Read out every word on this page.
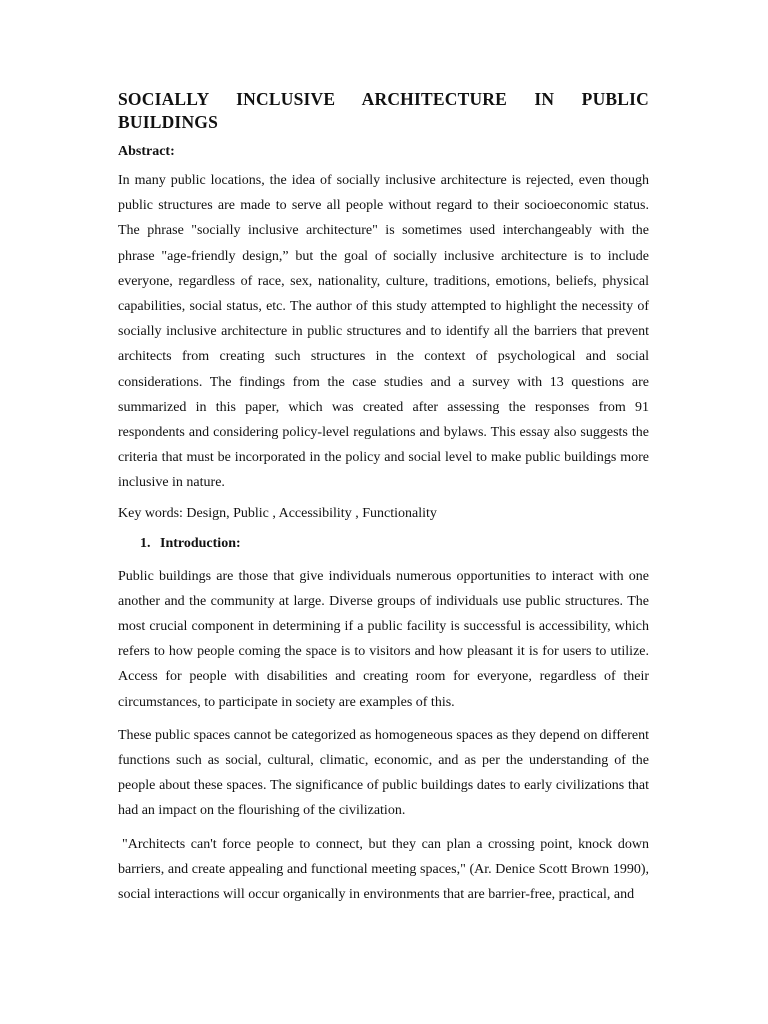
SOCIALLY INCLUSIVE ARCHITECTURE IN PUBLIC BUILDINGS
Abstract:

In many public locations, the idea of socially inclusive architecture is rejected, even though public structures are made to serve all people without regard to their socioeconomic status. The phrase "socially inclusive architecture" is sometimes used interchangeably with the phrase "age-friendly design,” but the goal of socially inclusive architecture is to include everyone, regardless of race, sex, nationality, culture, traditions, emotions, beliefs, physical capabilities, social status, etc. The author of this study attempted to highlight the necessity of socially inclusive architecture in public structures and to identify all the barriers that prevent architects from creating such structures in the context of psychological and social considerations. The findings from the case studies and a survey with 13 questions are summarized in this paper, which was created after assessing the responses from 91 respondents and considering policy-level regulations and bylaws. This essay also suggests the criteria that must be incorporated in the policy and social level to make public buildings more inclusive in nature.

Key words: Design, Public , Accessibility , Functionality

1. Introduction:

Public buildings are those that give individuals numerous opportunities to interact with one another and the community at large. Diverse groups of individuals use public structures. The most crucial component in determining if a public facility is successful is accessibility, which refers to how people coming the space is to visitors and how pleasant it is for users to utilize. Access for people with disabilities and creating room for everyone, regardless of their circumstances, to participate in society are examples of this.

These public spaces cannot be categorized as homogeneous spaces as they depend on different functions such as social, cultural, climatic, economic, and as per the understanding of the people about these spaces. The significance of public buildings dates to early civilizations that had an impact on the flourishing of the civilization.

"Architects can't force people to connect, but they can plan a crossing point, knock down barriers, and create appealing and functional meeting spaces," (Ar. Denice Scott Brown 1990), social interactions will occur organically in environments that are barrier-free, practical, and
